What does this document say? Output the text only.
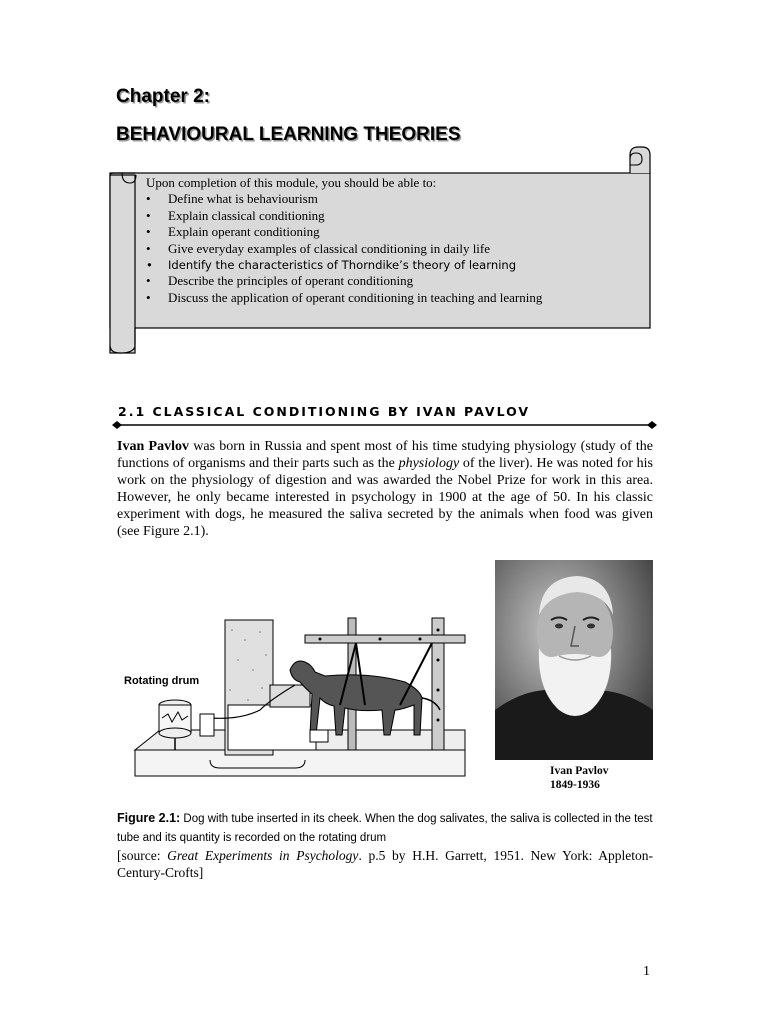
Chapter 2:
BEHAVIOURAL LEARNING THEORIES

Upon completion of this module, you should be able to:

• Define what is behaviourism
• Explain classical conditioning
• Explain operant conditioning
• Give everyday examples of classical conditioning in daily life
• Identify the characteristics of Thorndike’s theory of learning
• Describe the principles of operant conditioning
• Discuss the application of operant conditioning in teaching and learning
2.1 CLASSICAL CONDITIONING BY IVAN PAVLOV
Ivan Pavlov was born in Russia and spent most of his time studying physiology (study of the functions of organisms and their parts such as the physiology of the liver). He was noted for his work on the physiology of digestion and was awarded the Nobel Prize for work in this area. However, he only became interested in psychology in 1900 at the age of 50. In his classic experiment with dogs, he measured the saliva secreted by the animals when food was given (see Figure 2.1).
Rotating drum
Ivan Pavlov
1849-1936
Figure 2.1: Dog with tube inserted in its cheek. When the dog salivates, the saliva is collected in the test tube and its quantity is recorded on the rotating drum
[source: Great Experiments in Psychology. p.5 by H.H. Garrett, 1951. New York: Appleton-Century-Crofts]
1
